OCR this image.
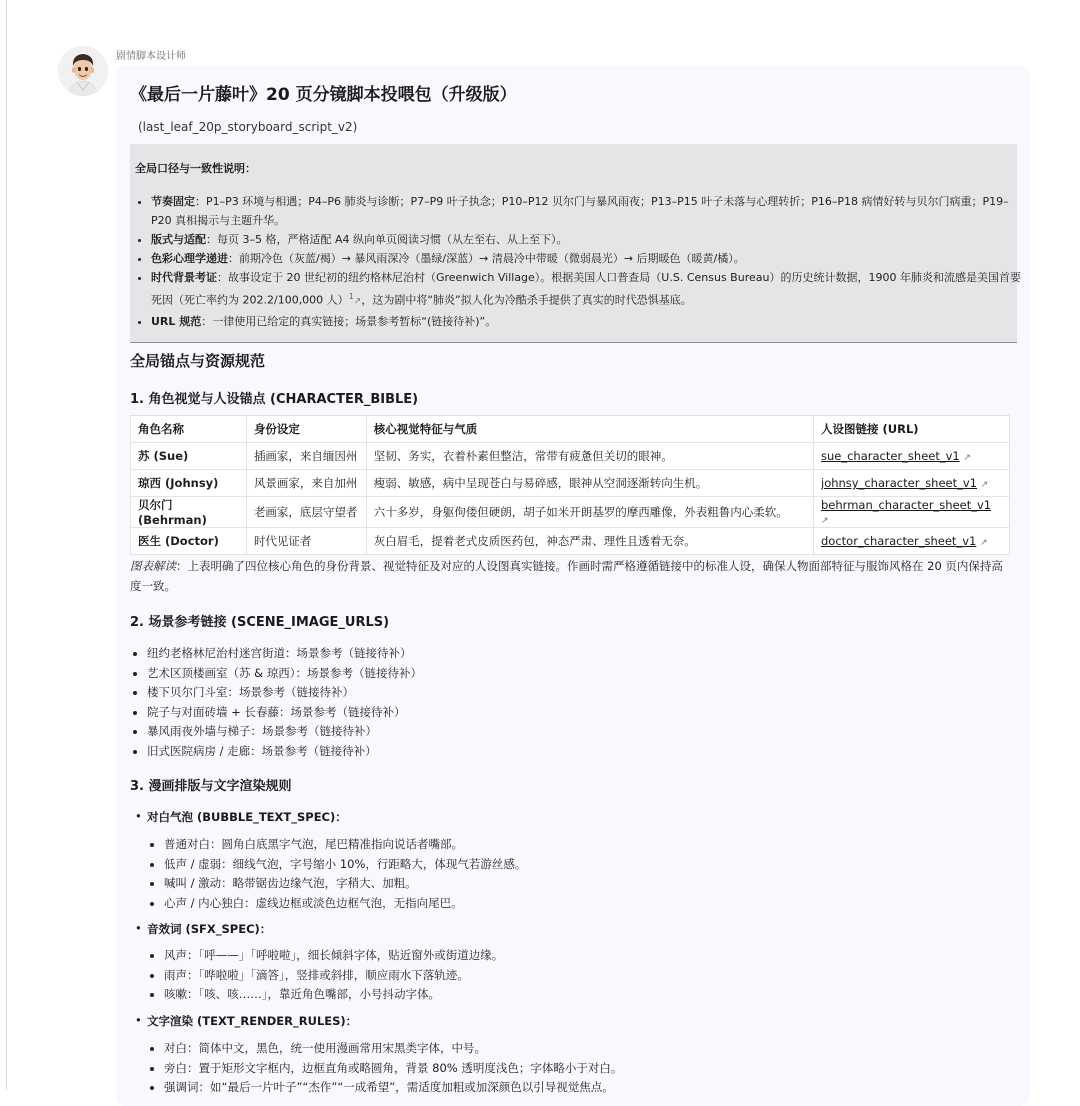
剧情脚本设计师
《最后一片藤叶》20 页分镜脚本投喂包（升级版）
(last_leaf_20p_storyboard_script_v2)
全局口径与一致性说明：
• 节奏固定：P1–P3 环境与相遇；P4–P6 肺炎与诊断；P7–P9 叶子执念；P10–P12 贝尔门与暴风雨夜；P13–P15 叶子未落与心理转折；P16–P18 病情好转与贝尔门病重；P19–P20 真相揭示与主题升华。
• 版式与适配：每页 3–5 格，严格适配 A4 纵向单页阅读习惯（从左至右、从上至下）。
• 色彩心理学递进：前期冷色（灰蓝/褐）→ 暴风雨深冷（墨绿/深蓝）→ 清晨冷中带暖（微弱晨光）→ 后期暖色（暖黄/橘）。
• 时代背景考证：故事设定于 20 世纪初的纽约格林尼治村（Greenwich Village）。根据美国人口普查局（U.S. Census Bureau）的历史统计数据，1900 年肺炎和流感是美国首要死因（死亡率约为 202.2/100,000 人）$^1$↗，这为剧中将“肺炎”拟人化为冷酷杀手提供了真实的时代恐惧基底。
• URL 规范：一律使用已给定的真实链接；场景参考暂标“(链接待补)”。
全局锚点与资源规范
1. 角色视觉与人设锚点 (CHARACTER_BIBLE)
角色名称	身份设定	核心视觉特征与气质	人设图链接 (URL)
苏 (Sue)	插画家，来自缅因州	坚韧、务实，衣着朴素但整洁，常带有疲惫但关切的眼神。	sue_character_sheet_v1 ↗
琼西 (Johnsy)	风景画家，来自加州	瘦弱、敏感，病中呈现苍白与易碎感，眼神从空洞逐渐转向生机。	johnsy_character_sheet_v1 ↗
贝尔门 (Behrman)	老画家，底层守望者	六十多岁，身躯佝偻但硬朗，胡子如米开朗基罗的摩西雕像，外表粗鲁内心柔软。	behrman_character_sheet_v1 ↗
医生 (Doctor)	时代见证者	灰白眉毛，提着老式皮质医药包，神态严肃、理性且透着无奈。	doctor_character_sheet_v1 ↗

图表解读：上表明确了四位核心角色的身份背景、视觉特征及对应的人设图真实链接。作画时需严格遵循链接中的标准人设，确保人物面部特征与服饰风格在 20 页内保持高度一致。

2. 场景参考链接 (SCENE_IMAGE_URLS)
• 纽约老格林尼治村迷宫街道：场景参考（链接待补）
• 艺术区顶楼画室（苏 & 琼西）：场景参考（链接待补）
• 楼下贝尔门斗室：场景参考（链接待补）
• 院子与对面砖墙 + 长春藤：场景参考（链接待补）
• 暴风雨夜外墙与梯子：场景参考（链接待补）
• 旧式医院病房 / 走廊：场景参考（链接待补）
3. 漫画排版与文字渲染规则
• 对白气泡 (BUBBLE_TEXT_SPEC)：
• 普通对白：圆角白底黑字气泡，尾巴精准指向说话者嘴部。
• 低声 / 虚弱：细线气泡，字号缩小 10%，行距略大，体现气若游丝感。
• 喊叫 / 激动：略带锯齿边缘气泡，字稍大、加粗。
• 心声 / 内心独白：虚线边框或淡色边框气泡，无指向尾巴。
• 音效词 (SFX_SPEC)：
• 风声：「呼——」「呼啦啦」，细长倾斜字体，贴近窗外或街道边缘。
• 雨声：「哗啦啦」「滴答」，竖排或斜排，顺应雨水下落轨迹。
• 咳嗽：「咳、咳……」，靠近角色嘴部，小号抖动字体。
• 文字渲染 (TEXT_RENDER_RULES)：
• 对白：简体中文，黑色，统一使用漫画常用宋黑类字体，中号。
• 旁白：置于矩形文字框内，边框直角或略圆角，背景 80% 透明度浅色；字体略小于对白。
• 强调词：如“最后一片叶子”“杰作”“一成希望”，需适度加粗或加深颜色以引导视觉焦点。
